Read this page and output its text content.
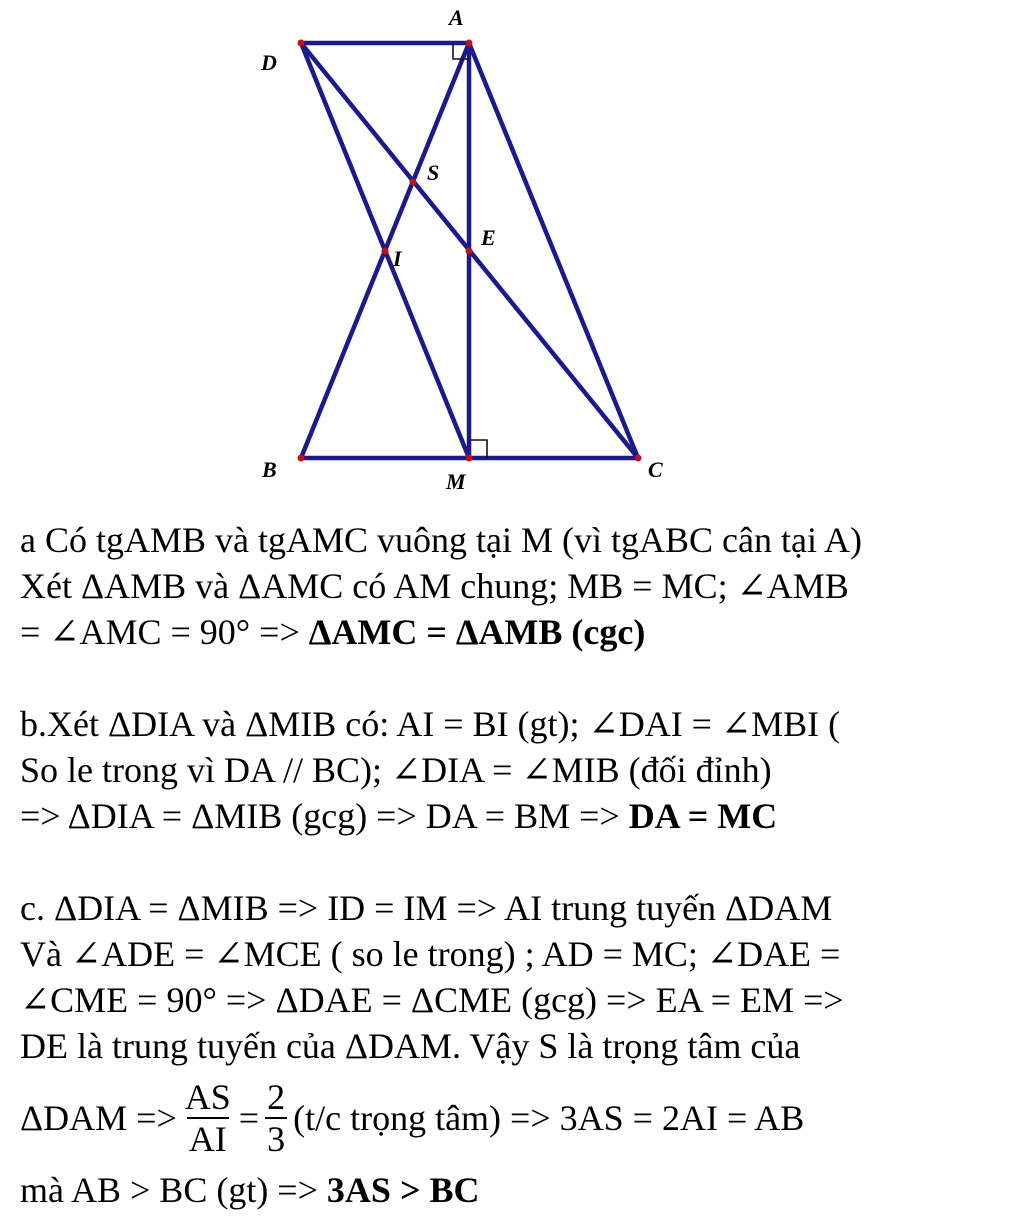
A
D
S
E
I
B	M	C
a Có tgAMB và tgAMC vuông tại M (vì tgABC cân tại A)
Xét ΔAMB và ΔAMC có AM chung; MB = MC; ∠AMB
= ∠AMC = 90° => ΔAMC = ΔAMB (cgc)
b.Xét ΔDIA và ΔMIB có: AI = BI (gt); ∠DAI = ∠MBI (
So le trong vì DA // BC); ∠DIA = ∠MIB (đối đỉnh)
=> ΔDIA = ΔMIB (gcg) => DA = BM => DA = MC
c. ΔDIA = ΔMIB => ID = IM => AI trung tuyến ΔDAM
Và ∠ADE = ∠MCE ( so le trong) ; AD = MC; ∠DAE =
∠CME = 90° => ΔDAE = ΔCME (gcg) => EA = EM =>
DE là trung tuyến của ΔDAM. Vậy S là trọng tâm của
$\Delta DAM => \frac{AS}{AI} = \frac{2}{3} (t/c$ trọng tâm) => 3AS = 2AI = AB
mà AB > BC (gt) => 3AS > BC
